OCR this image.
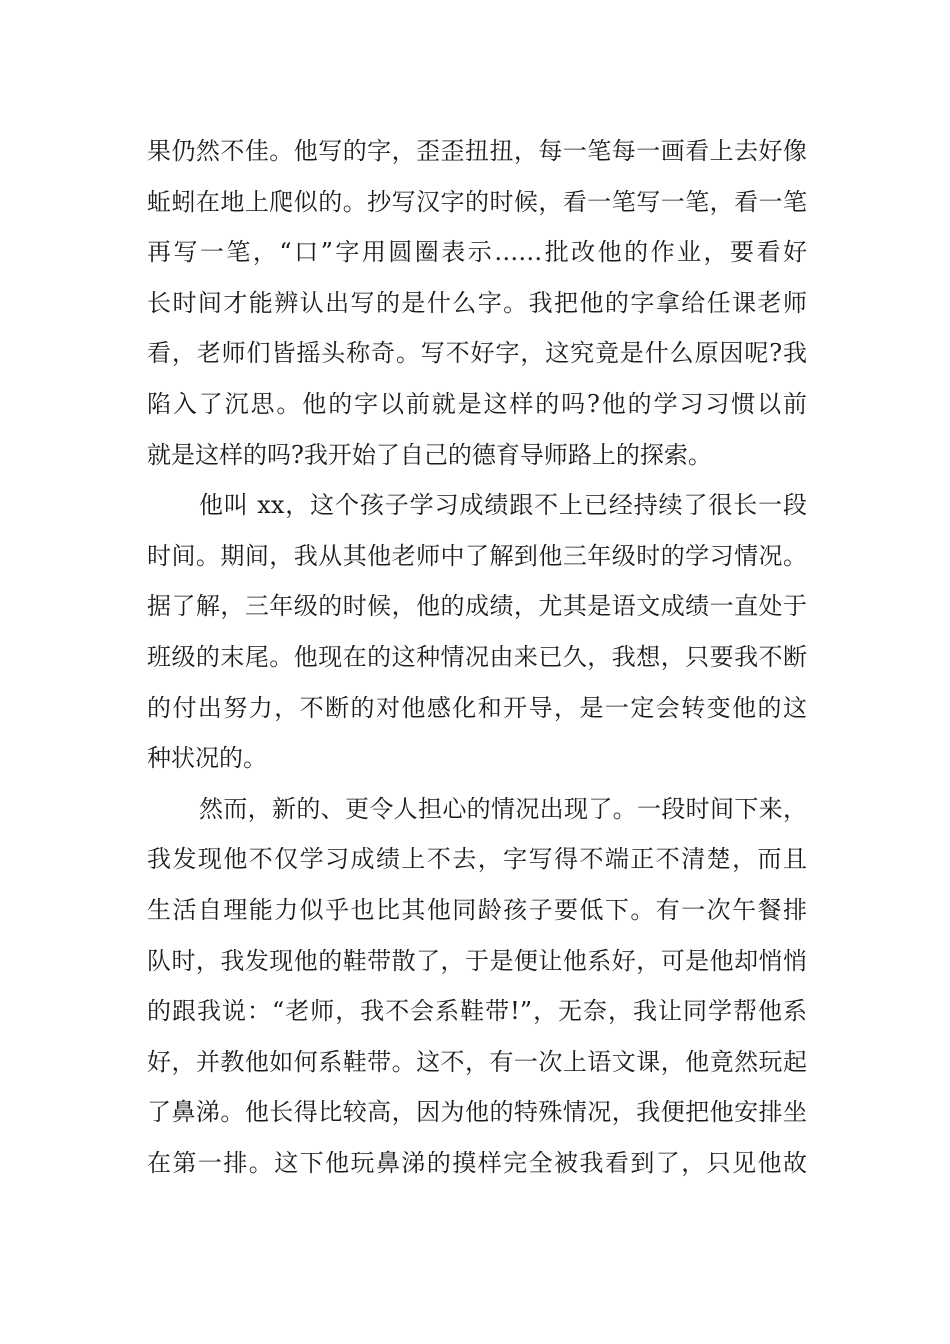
果仍然不佳。他写的字，歪歪扭扭，每一笔每一画看上去好像
蚯蚓在地上爬似的。抄写汉字的时候，看一笔写一笔，看一笔
再写一笔，“口”字用圆圈表示……批改他的作业，要看好
长时间才能辨认出写的是什么字。我把他的字拿给任课老师
看，老师们皆摇头称奇。写不好字，这究竟是什么原因呢?我
陷入了沉思。他的字以前就是这样的吗?他的学习习惯以前
就是这样的吗?我开始了自己的德育导师路上的探索。
他叫 xx，这个孩子学习成绩跟不上已经持续了很长一段
时间。期间，我从其他老师中了解到他三年级时的学习情况。
据了解，三年级的时候，他的成绩，尤其是语文成绩一直处于
班级的末尾。他现在的这种情况由来已久，我想，只要我不断
的付出努力，不断的对他感化和开导，是一定会转变他的这
种状况的。
然而，新的、更令人担心的情况出现了。一段时间下来，
我发现他不仅学习成绩上不去，字写得不端正不清楚，而且
生活自理能力似乎也比其他同龄孩子要低下。有一次午餐排
队时，我发现他的鞋带散了，于是便让他系好，可是他却悄悄
的跟我说：“老师，我不会系鞋带!”，无奈，我让同学帮他系
好，并教他如何系鞋带。这不，有一次上语文课，他竟然玩起
了鼻涕。他长得比较高，因为他的特殊情况，我便把他安排坐
在第一排。这下他玩鼻涕的摸样完全被我看到了，只见他故
